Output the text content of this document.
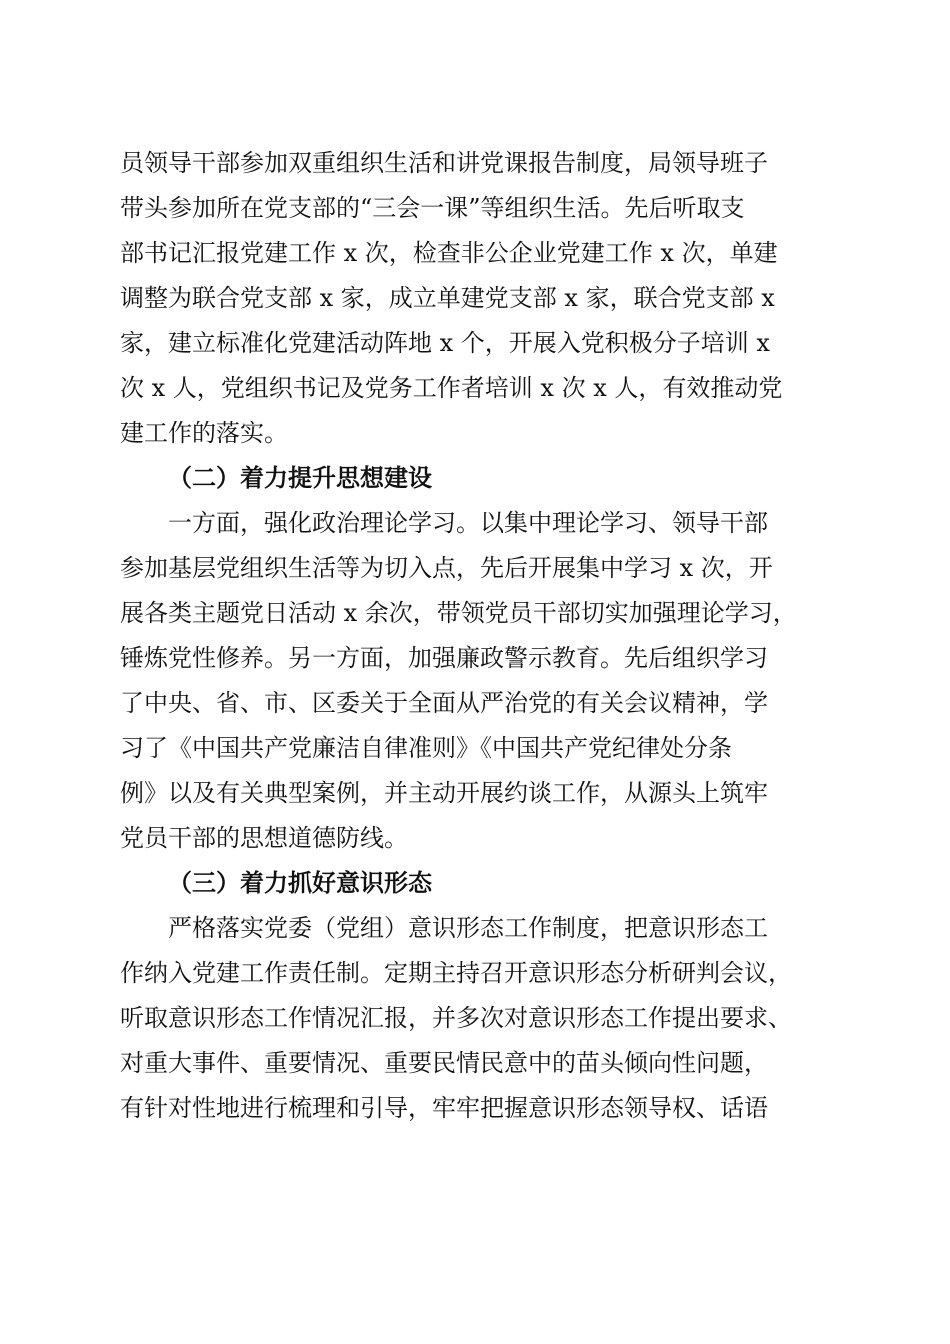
员领导干部参加双重组织生活和讲党课报告制度，局领导班子
带头参加所在党支部的“三会一课”等组织生活。先后听取支
部书记汇报党建工作 x 次，检查非公企业党建工作 x 次，单建
调整为联合党支部 x 家，成立单建党支部 x 家，联合党支部 x
家，建立标准化党建活动阵地 x 个，开展入党积极分子培训 x
次 x 人，党组织书记及党务工作者培训 x 次 x 人，有效推动党
建工作的落实。
（二）着力提升思想建设
一方面，强化政治理论学习。以集中理论学习、领导干部
参加基层党组织生活等为切入点，先后开展集中学习 x 次，开
展各类主题党日活动 x 余次，带领党员干部切实加强理论学习，
锤炼党性修养。另一方面，加强廉政警示教育。先后组织学习
了中央、省、市、区委关于全面从严治党的有关会议精神，学
习了《中国共产党廉洁自律准则》《中国共产党纪律处分条
例》以及有关典型案例，并主动开展约谈工作，从源头上筑牢
党员干部的思想道德防线。
（三）着力抓好意识形态
严格落实党委（党组）意识形态工作制度，把意识形态工
作纳入党建工作责任制。定期主持召开意识形态分析研判会议，
听取意识形态工作情况汇报，并多次对意识形态工作提出要求、
对重大事件、重要情况、重要民情民意中的苗头倾向性问题，
有针对性地进行梳理和引导，牢牢把握意识形态领导权、话语
